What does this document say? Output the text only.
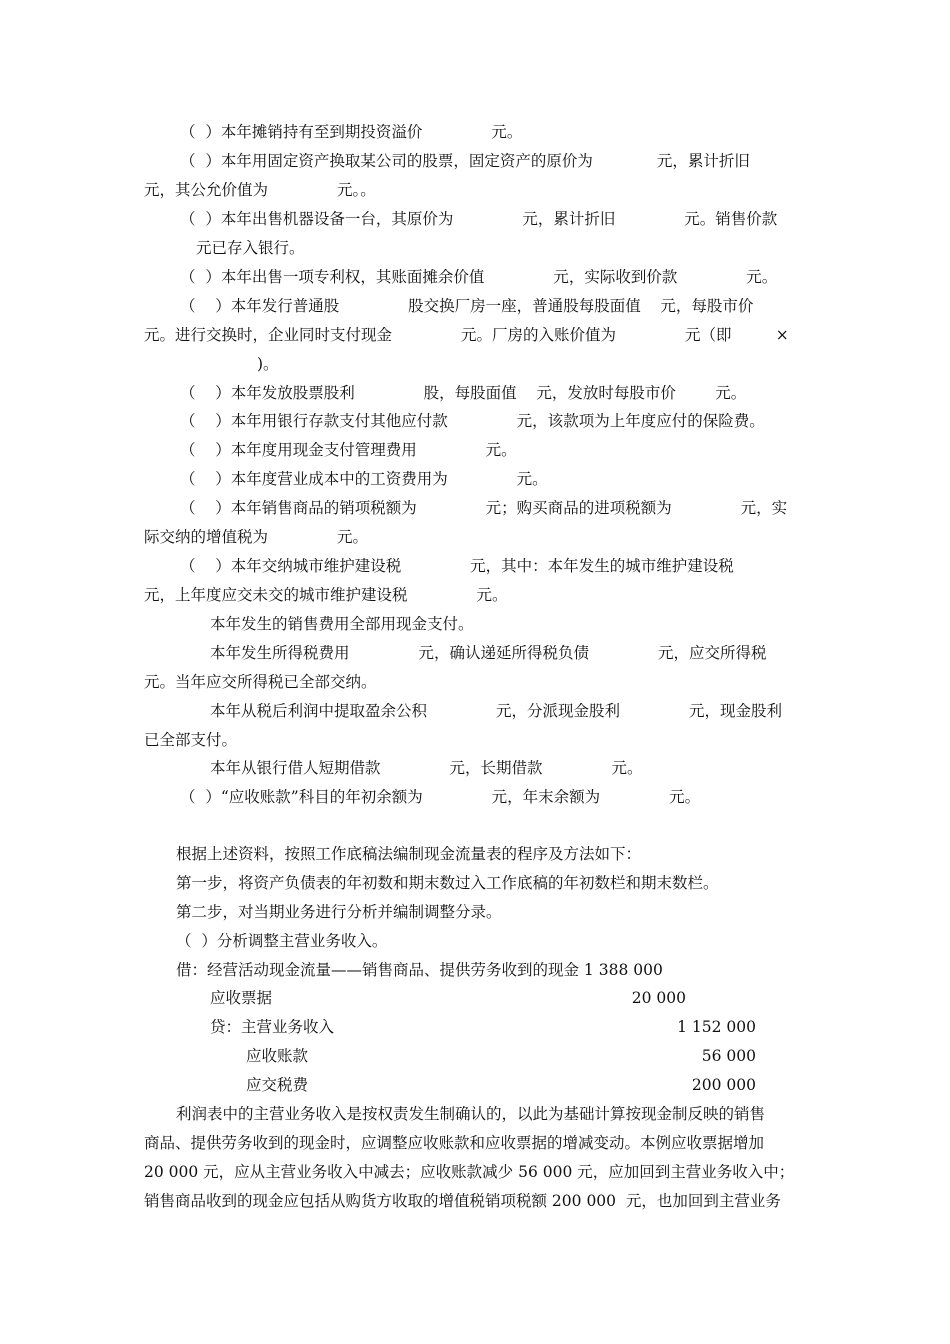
（  ）本年摊销持有至到期投资溢价              元。
（  ）本年用固定资产换取某公司的股票，固定资产的原价为             元，累计折旧
元，其公允价值为              元。。
（  ）本年出售机器设备一台，其原价为              元，累计折旧              元。销售价款
元已存入银行。
（  ）本年出售一项专利权，其账面摊余价值              元，实际收到价款              元。
（    ）本年发行普通股              股交换厂房一座，普通股每股面值    元，每股市价
元。进行交换时，企业同时支付现金              元。厂房的入账价值为              元（即         ×
)。
（    ）本年发放股票股利              股，每股面值    元，发放时每股市价        元。
（    ）本年用银行存款支付其他应付款              元，该款项为上年度应付的保险费。
（    ）本年度用现金支付管理费用              元。
（    ）本年度营业成本中的工资费用为              元。
（    ）本年销售商品的销项税额为              元；购买商品的进项税额为              元，实
际交纳的增值税为              元。
（    ）本年交纳城市维护建设税              元，其中：本年发生的城市维护建设税
元，上年度应交未交的城市维护建设税              元。
本年发生的销售费用全部用现金支付。
本年发生所得税费用              元，确认递延所得税负债              元，应交所得税
元。当年应交所得税已全部交纳。
本年从税后利润中提取盈余公积              元，分派现金股利              元，现金股利
已全部支付。
本年从银行借人短期借款              元，长期借款              元。
（  ）“应收账款”科目的年初余额为              元，年末余额为              元。
根据上述资料，按照工作底稿法编制现金流量表的程序及方法如下：
第一步，将资产负债表的年初数和期末数过入工作底稿的年初数栏和期末数栏。
第二步，对当期业务进行分析并编制调整分录。
（  ）分析调整主营业务收入。
借：经营活动现金流量——销售商品、提供劳务收到的现金 1 388 000
应收票据	20 000
贷：主营业务收入	1 152 000
应收账款	56 000
应交税费	200 000
利润表中的主营业务收入是按权责发生制确认的，以此为基础计算按现金制反映的销售
商品、提供劳务收到的现金时，应调整应收账款和应收票据的增减变动。本例应收票据增加
20 000 元，应从主营业务收入中减去；应收账款减少 56 000 元，应加回到主营业务收入中；
销售商品收到的现金应包括从购货方收取的增值税销项税额 200 000  元，也加回到主营业务
